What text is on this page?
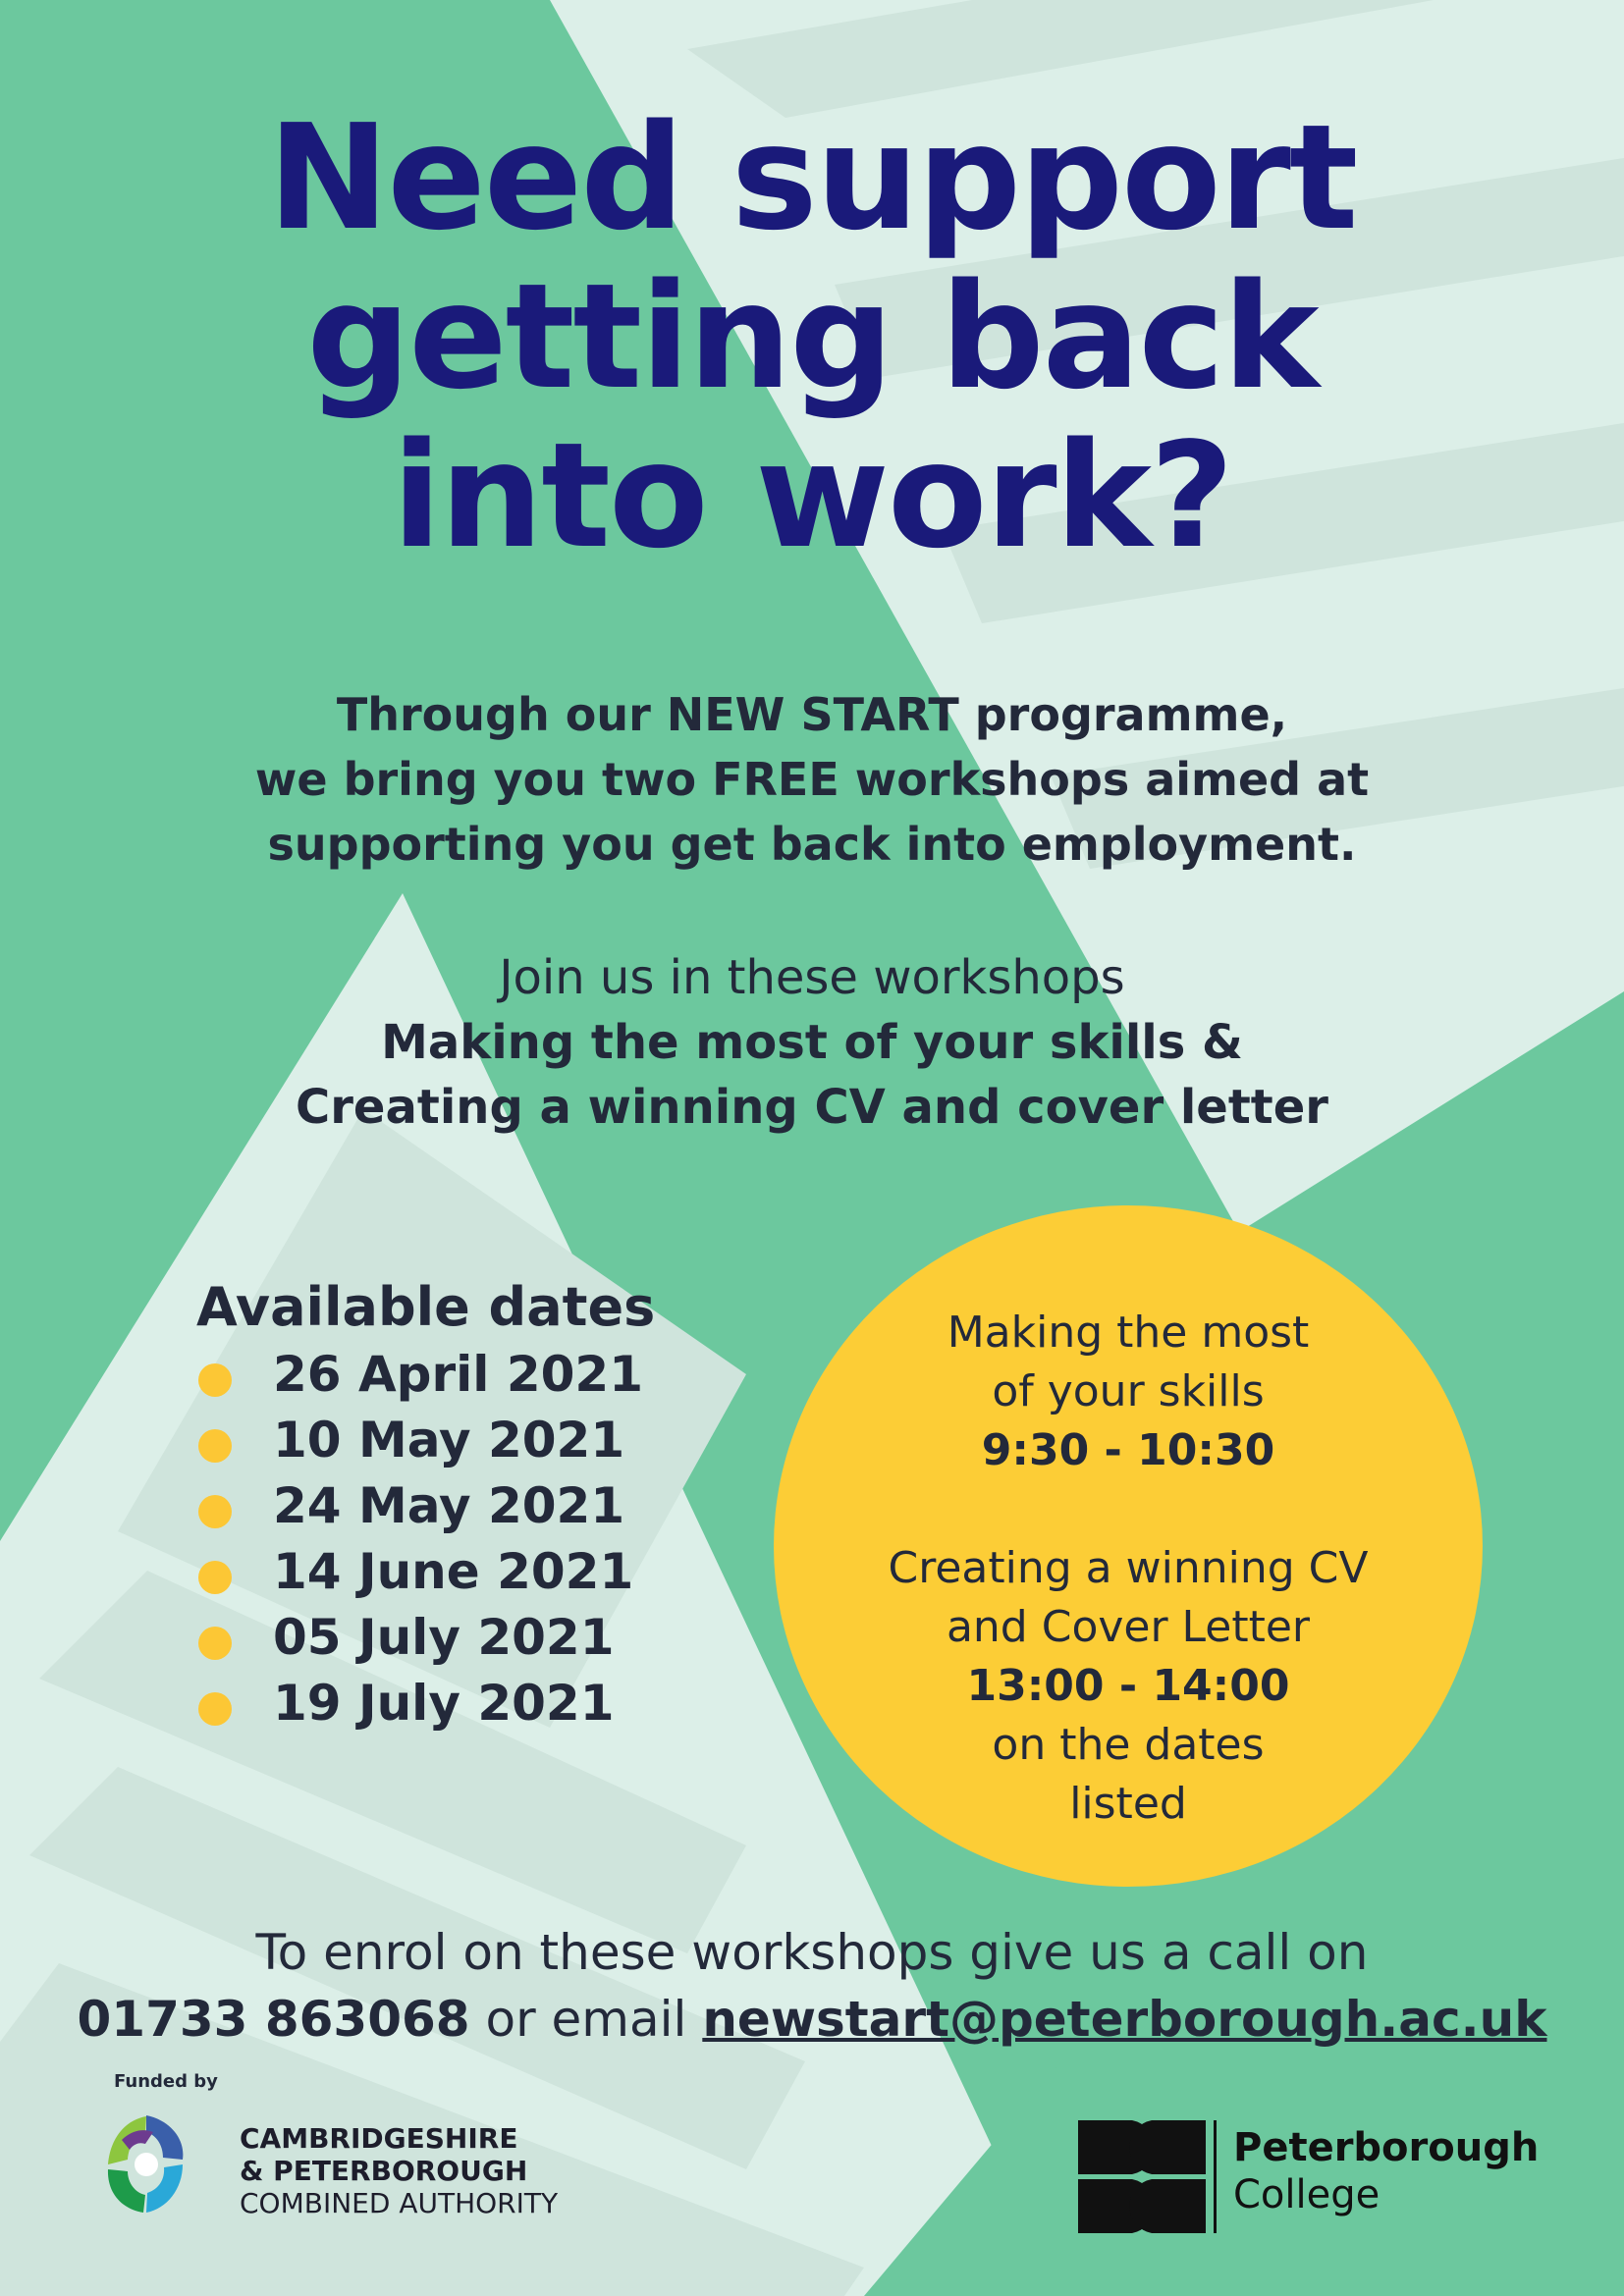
Need support
getting back
into work?
Through our NEW START programme,
we bring you two FREE workshops aimed at
supporting you get back into employment.
Join us in these workshops
Making the most of your skills &
Creating a winning CV and cover letter
Available dates
26 April 2021
10 May 2021
24 May 2021
14 June 2021
05 July 2021
19 July 2021
Making the most
of your skills
9:30 - 10:30
Creating a winning CV
and Cover Letter
13:00 - 14:00
on the dates
listed
To enrol on these workshops give us a call on
01733 863068 or email newstart@peterborough.ac.uk
Funded by
CAMBRIDGESHIRE
& PETERBOROUGH
COMBINED AUTHORITY
Peterborough
College
